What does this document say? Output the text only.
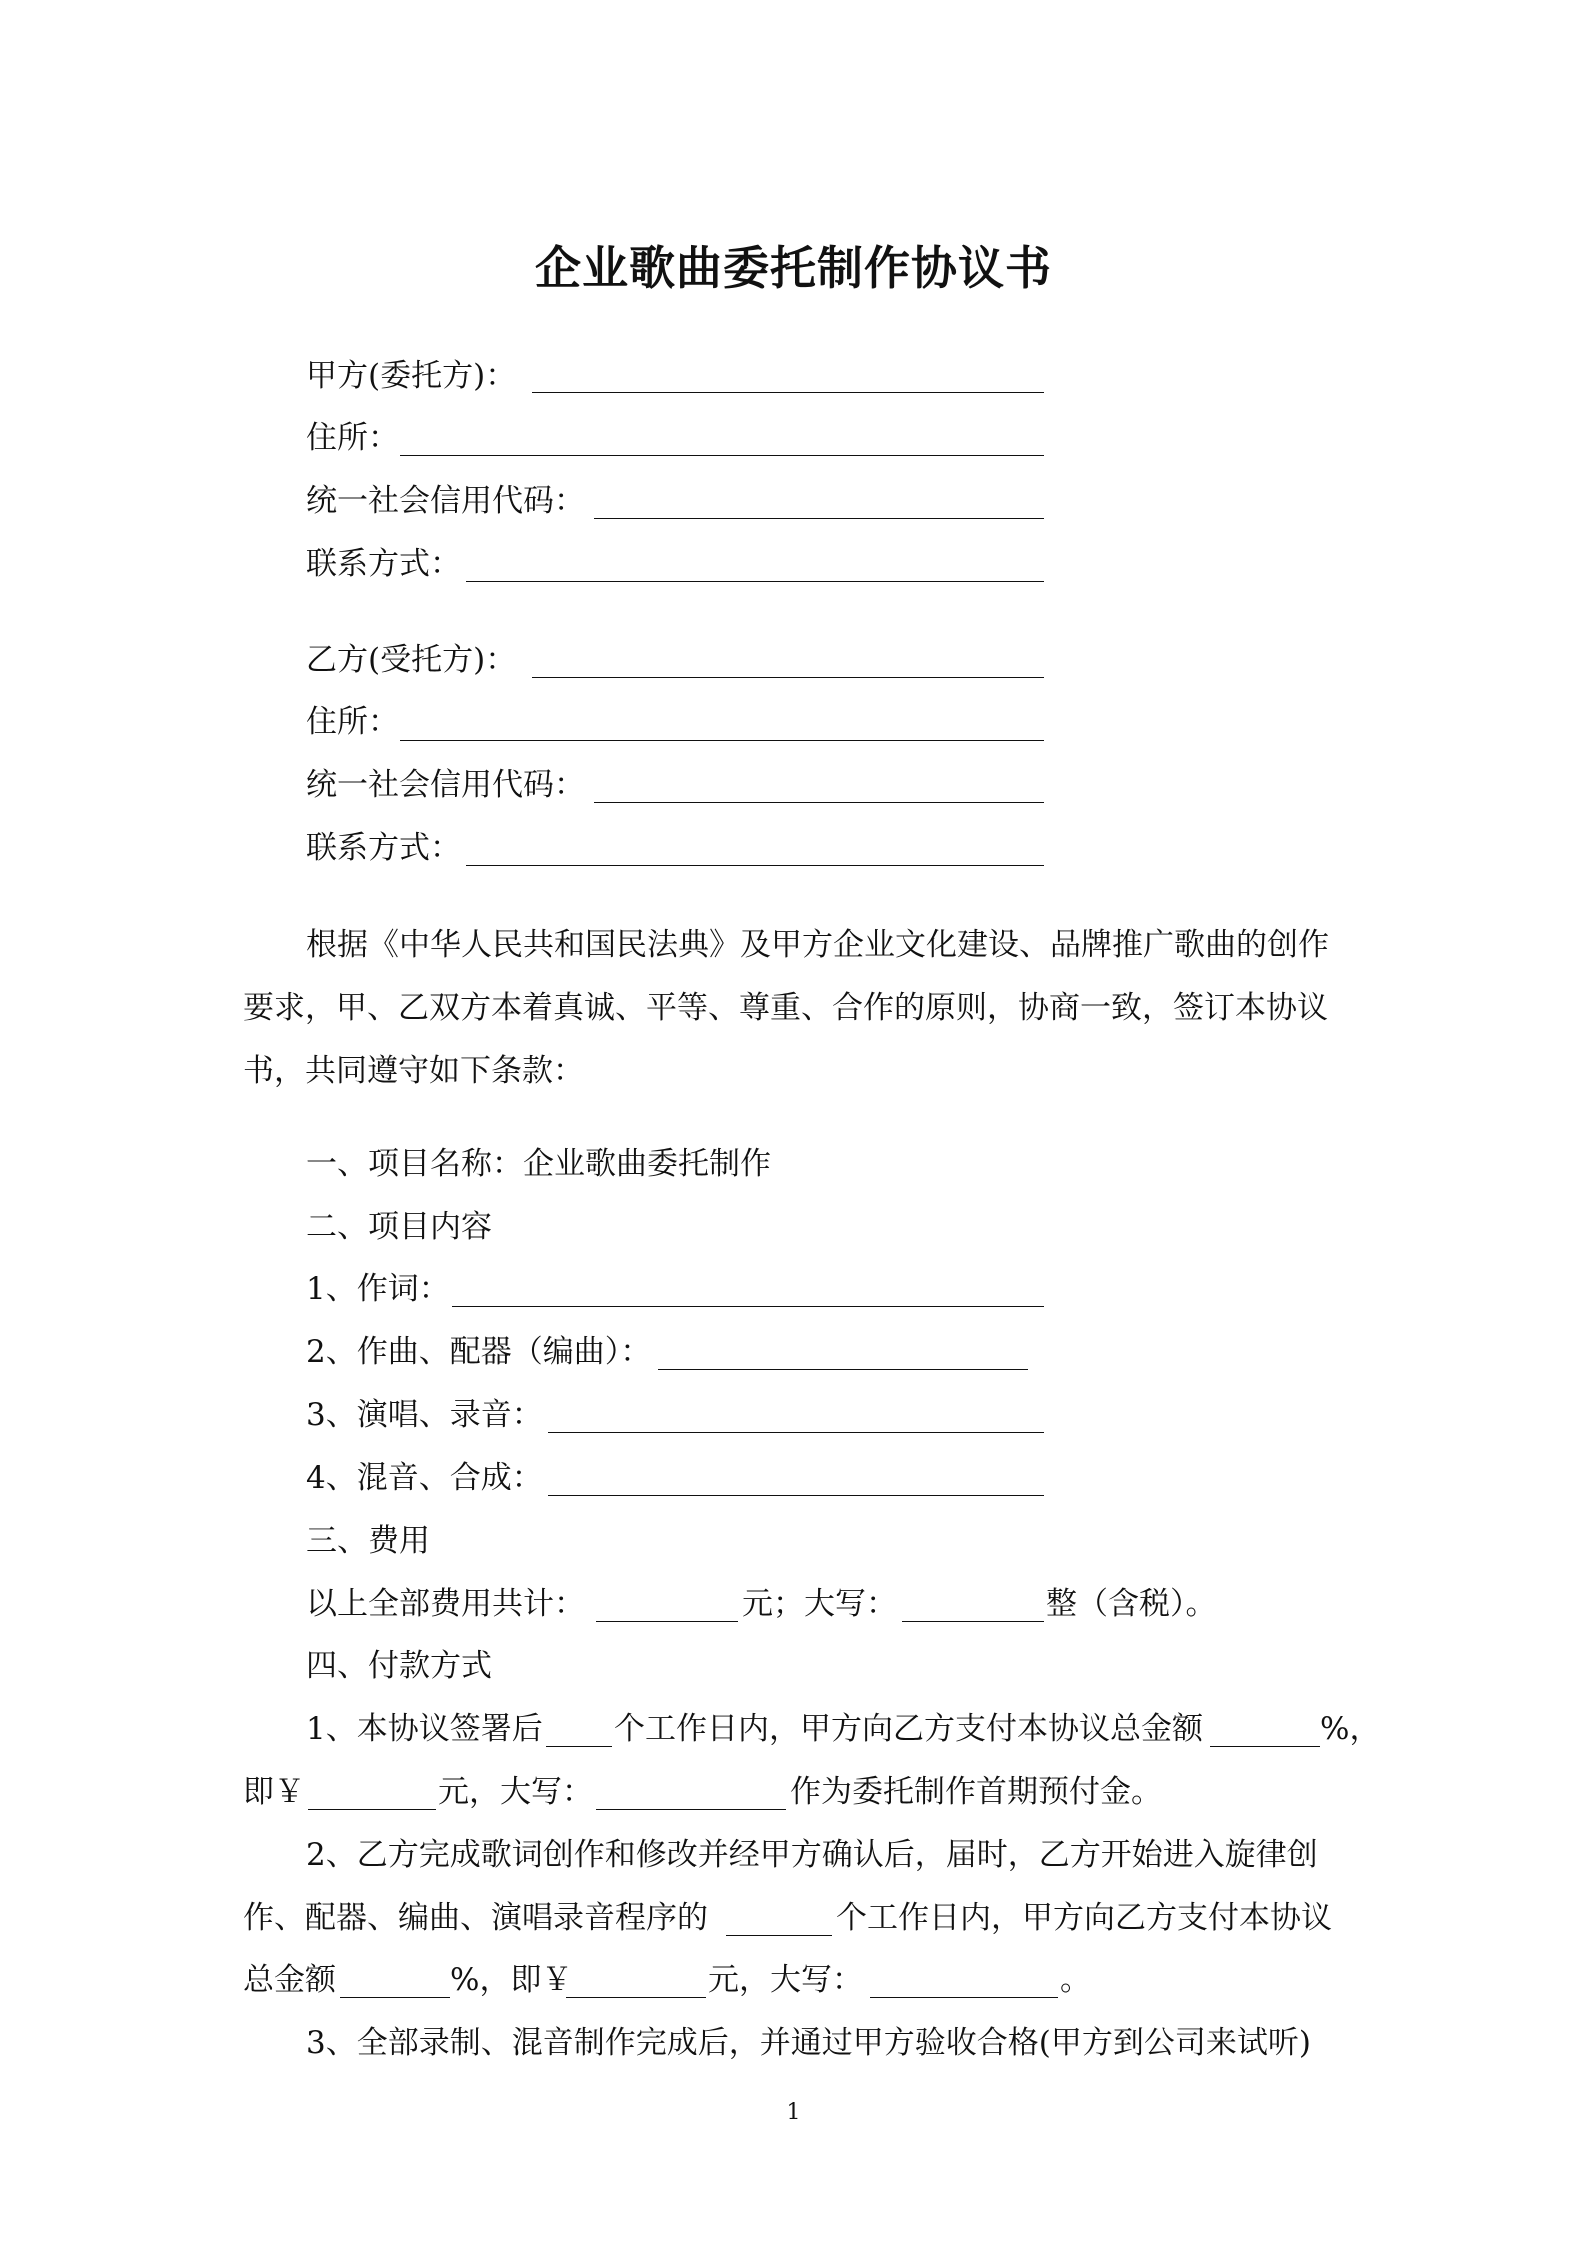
企业歌曲委托制作协议书
甲方(委托方)：
住所：
统一社会信用代码：
联系方式：
乙方(受托方)：
住所：
统一社会信用代码：
联系方式：
根据《中华人民共和国民法典》及甲方企业文化建设、品牌推广歌曲的创作
要求，甲、乙双方本着真诚、平等、尊重、合作的原则，协商一致，签订本协议
书，共同遵守如下条款：
一、项目名称：企业歌曲委托制作
二、项目内容
1、作词：
2、作曲、配器（编曲）：
3、演唱、录音：
4、混音、合成：
三、费用
以上全部费用共计：	元；大写：	整（含税）。
四、付款方式
1、本协议签署后 个工作日内，甲方向乙方支付本协议总金额	%，
即￥	元，大写：	作为委托制作首期预付金。
2、乙方完成歌词创作和修改并经甲方确认后，届时，乙方开始进入旋律创
作、配器、编曲、演唱录音程序的	个工作日内，甲方向乙方支付本协议
总金额	%，即￥	元，大写：	。
3、全部录制、混音制作完成后，并通过甲方验收合格(甲方到公司来试听)
1
